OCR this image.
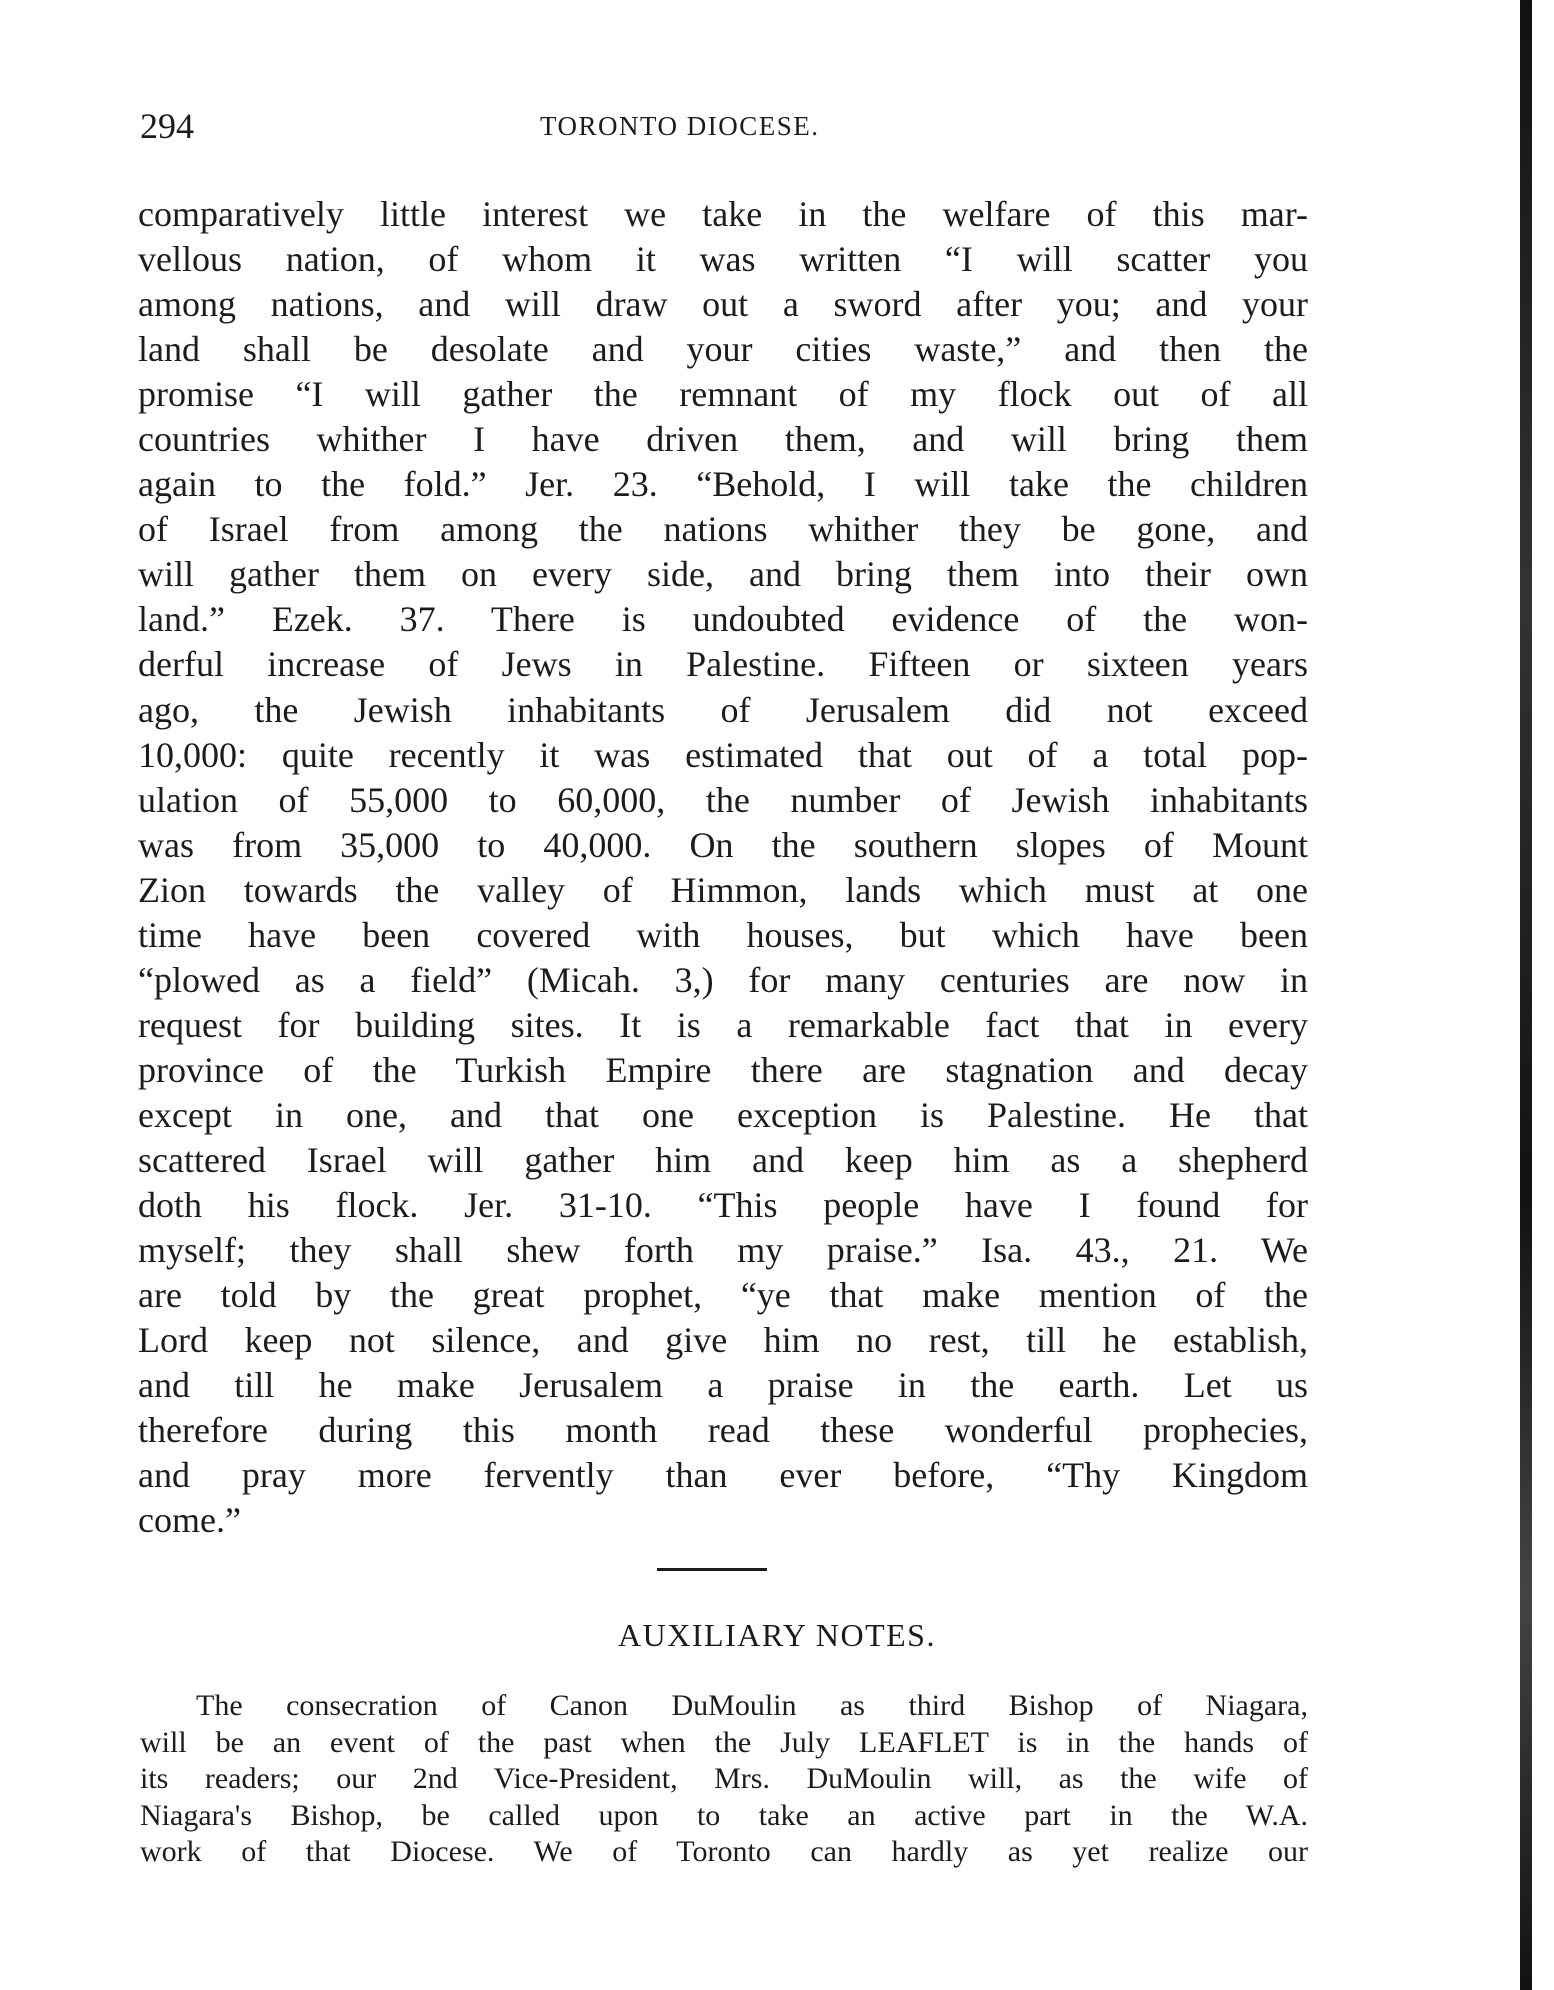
294	TORONTO DIOCESE.
comparatively little interest we take in the welfare of this mar-
vellous nation, of whom it was written “I will scatter you
among nations, and will draw out a sword after you; and your
land shall be desolate and your cities waste,” and then the
promise “I will gather the remnant of my flock out of all
countries whither I have driven them, and will bring them
again to the fold.” Jer. 23. “Behold, I will take the children
of Israel from among the nations whither they be gone, and
will gather them on every side, and bring them into their own
land.” Ezek. 37. There is undoubted evidence of the won-
derful increase of Jews in Palestine. Fifteen or sixteen years
ago, the Jewish inhabitants of Jerusalem did not exceed
10,000: quite recently it was estimated that out of a total pop-
ulation of 55,000 to 60,000, the number of Jewish inhabitants
was from 35,000 to 40,000. On the southern slopes of Mount
Zion towards the valley of Himmon, lands which must at one
time have been covered with houses, but which have been
“plowed as a field” (Micah. 3,) for many centuries are now in
request for building sites. It is a remarkable fact that in every
province of the Turkish Empire there are stagnation and decay
except in one, and that one exception is Palestine. He that
scattered Israel will gather him and keep him as a shepherd
doth his flock. Jer. 31-10. “This people have I found for
myself; they shall shew forth my praise.” Isa. 43., 21. We
are told by the great prophet, “ye that make mention of the
Lord keep not silence, and give him no rest, till he establish,
and till he make Jerusalem a praise in the earth. Let us
therefore during this month read these wonderful prophecies,
and pray more fervently than ever before, “Thy Kingdom
come.”
AUXILIARY NOTES.
The consecration of Canon DuMoulin as third Bishop of Niagara,
will be an event of the past when the July LEAFLET is in the hands of
its readers; our 2nd Vice-President, Mrs. DuMoulin will, as the wife of
Niagara's Bishop, be called upon to take an active part in the W.A.
work of that Diocese. We of Toronto can hardly as yet realize our
